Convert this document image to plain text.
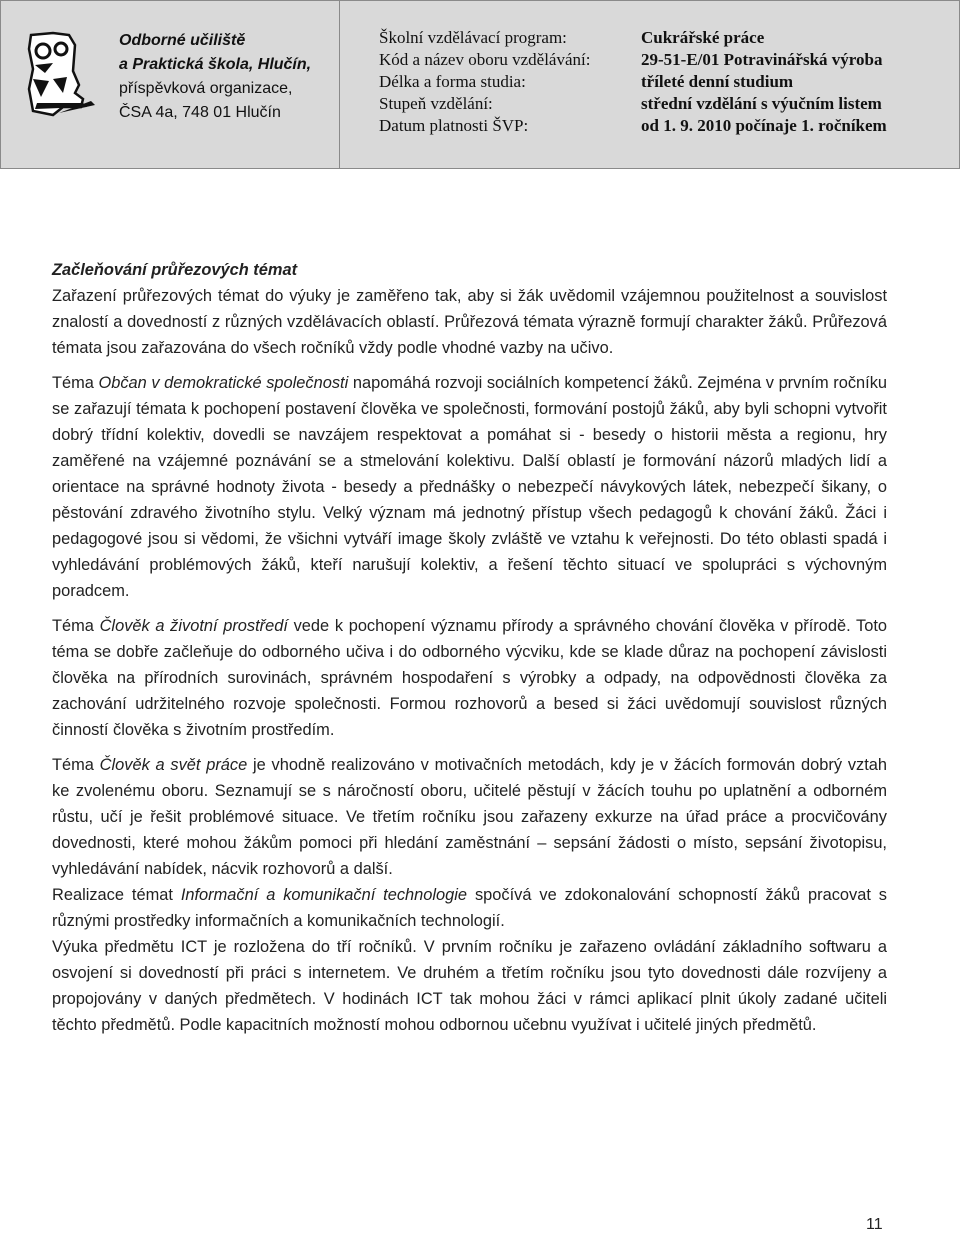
Odborné učiliště
a Praktická škola, Hlučín,
příspěvková organizace,
ČSA 4a, 748 01 Hlučín
Školní vzdělávací program:	Cukrářské práce
Kód a název oboru vzdělávání:	29-51-E/01 Potravinářská výroba
Délka a forma studia:	tříleté denní studium
Stupeň vzdělání:	střední vzdělání s výučním listem
Datum platnosti ŠVP:	od 1. 9. 2010 počínaje 1. ročníkem

Začleňování průřezových témat

Zařazení průřezových témat do výuky je zaměřeno tak, aby si žák uvědomil vzájemnou použitelnost a souvislost znalostí a dovedností z různých vzdělávacích oblastí. Průřezová témata výrazně formují charakter žáků. Průřezová témata jsou zařazována do všech ročníků vždy podle vhodné vazby na učivo.

Téma Občan v demokratické společnosti napomáhá rozvoji sociálních kompetencí žáků. Zejména v prvním ročníku se zařazují témata k pochopení postavení člověka ve společnosti, formování postojů žáků, aby byli schopni vytvořit dobrý třídní kolektiv, dovedli se navzájem respektovat a pomáhat si - besedy o historii města a regionu, hry zaměřené na vzájemné poznávání se a stmelování kolektivu. Další oblastí je formování názorů mladých lidí a orientace na správné hodnoty života - besedy a přednášky o nebezpečí návykových látek, nebezpečí šikany, o pěstování zdravého životního stylu. Velký význam má jednotný přístup všech pedagogů k chování žáků. Žáci i pedagogové jsou si vědomi, že všichni vytváří image školy zvláště ve vztahu k veřejnosti. Do této oblasti spadá i vyhledávání problémových žáků, kteří narušují kolektiv, a řešení těchto situací ve spolupráci s výchovným poradcem.

Téma Člověk a životní prostředí vede k pochopení významu přírody a správného chování člověka v přírodě. Toto téma se dobře začleňuje do odborného učiva i do odborného výcviku, kde se klade důraz na pochopení závislosti člověka na přírodních surovinách, správném hospodaření s výrobky a odpady, na odpovědnosti člověka za zachování udržitelného rozvoje společnosti. Formou rozhovorů a besed si žáci uvědomují souvislost různých činností člověka s životním prostředím.

Téma Člověk a svět práce je vhodně realizováno v motivačních metodách, kdy je v žácích formován dobrý vztah ke zvolenému oboru. Seznamují se s náročností oboru, učitelé pěstují v žácích touhu po uplatnění a odborném růstu, učí je řešit problémové situace. Ve třetím ročníku jsou zařazeny exkurze na úřad práce a procvičovány dovednosti, které mohou žákům pomoci při hledání zaměstnání – sepsání žádosti o místo, sepsání životopisu, vyhledávání nabídek, nácvik rozhovorů a další.

Realizace témat Informační a komunikační technologie spočívá ve zdokonalování schopností žáků pracovat s různými prostředky informačních a komunikačních technologií.

Výuka předmětu ICT je rozložena do tří ročníků. V prvním ročníku je zařazeno ovládání základního softwaru a osvojení si dovedností při práci s internetem. Ve druhém a třetím ročníku jsou tyto dovednosti dále rozvíjeny a propojovány v daných předmětech. V hodinách ICT tak mohou žáci v rámci aplikací plnit úkoly zadané učiteli těchto předmětů. Podle kapacitních možností mohou odbornou učebnu využívat i učitelé jiných předmětů.

11
